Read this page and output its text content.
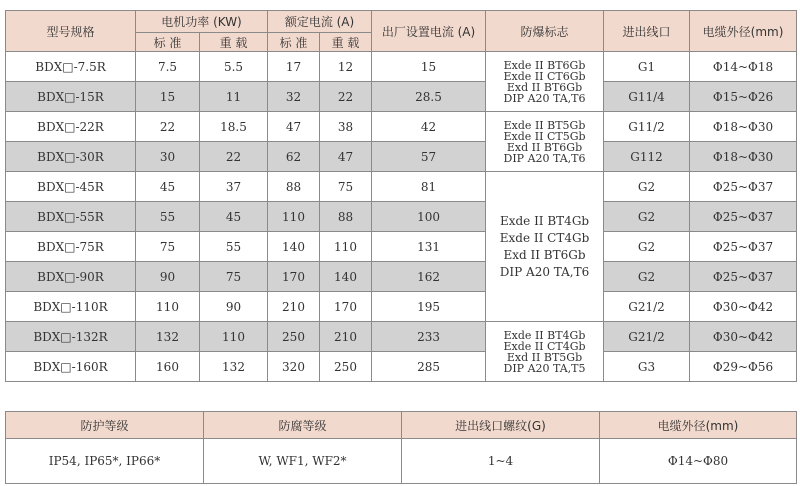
型号规格	电机功率 (KW)		额定电流 (A)		出厂设置电流 (A)	防爆标志	进出线口	电缆外径(mm)
	标 准	重 载	标 准	重 载				
BDX□-7.5R	7.5	5.5	17	12	15	Exde II BT6Gb
Exde II CT6Gb
Exd II BT6Gb
DIP A20 TA,T6	G1	Φ14~Φ18
BDX□-15R	15	11	32	22	28.5		G11/4	Φ15~Φ26
BDX□-22R	22	18.5	47	38	42	Exde II BT5Gb
Exde II CT5Gb
Exd II BT6Gb
DIP A20 TA,T6	G11/2	Φ18~Φ30
BDX□-30R	30	22	62	47	57		G112	Φ18~Φ30
BDX□-45R	45	37	88	75	81	Exde II BT4Gb
Exde II CT4Gb
Exd II BT6Gb
DIP A20 TA,T6	G2	Φ25~Φ37
BDX□-55R	55	45	110	88	100		G2	Φ25~Φ37
BDX□-75R	75	55	140	110	131		G2	Φ25~Φ37
BDX□-90R	90	75	170	140	162		G2	Φ25~Φ37
BDX□-110R	110	90	210	170	195		G21/2	Φ30~Φ42
BDX□-132R	132	110	250	210	233	Exde II BT4Gb
Exde II CT4Gb
Exd II BT5Gb
DIP A20 TA,T5	G21/2	Φ30~Φ42
BDX□-160R	160	132	320	250	285		G3	Φ29~Φ56
防护等级	防腐等级	进出线口螺纹(G)	电缆外径(mm)
IP54, IP65*, IP66*	W, WF1, WF2*	1~4	Φ14~Φ80
